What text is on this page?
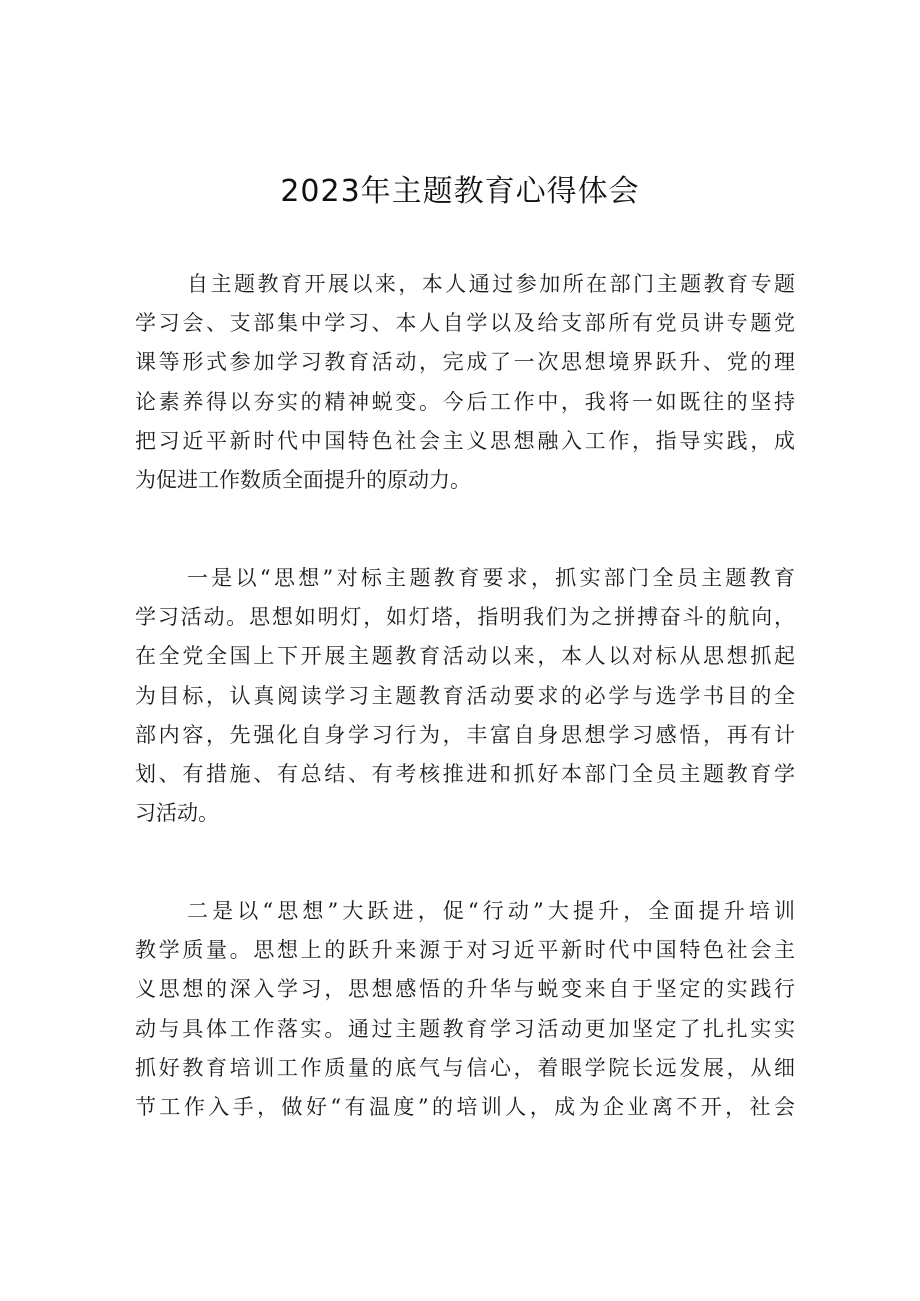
2023年主题教育心得体会
自主题教育开展以来，本人通过参加所在部门主题教育专题
学习会、支部集中学习、本人自学以及给支部所有党员讲专题党
课等形式参加学习教育活动，完成了一次思想境界跃升、党的理
论素养得以夯实的精神蜕变。今后工作中，我将一如既往的坚持
把习近平新时代中国特色社会主义思想融入工作，指导实践，成
为促进工作数质全面提升的原动力。
一是以“思想”对标主题教育要求，抓实部门全员主题教育
学习活动。思想如明灯，如灯塔，指明我们为之拼搏奋斗的航向，
在全党全国上下开展主题教育活动以来，本人以对标从思想抓起
为目标，认真阅读学习主题教育活动要求的必学与选学书目的全
部内容，先强化自身学习行为，丰富自身思想学习感悟，再有计
划、有措施、有总结、有考核推进和抓好本部门全员主题教育学
习活动。
二是以“思想”大跃进，促“行动”大提升，全面提升培训
教学质量。思想上的跃升来源于对习近平新时代中国特色社会主
义思想的深入学习，思想感悟的升华与蜕变来自于坚定的实践行
动与具体工作落实。通过主题教育学习活动更加坚定了扎扎实实
抓好教育培训工作质量的底气与信心，着眼学院长远发展，从细
节工作入手，做好“有温度”的培训人，成为企业离不开，社会
